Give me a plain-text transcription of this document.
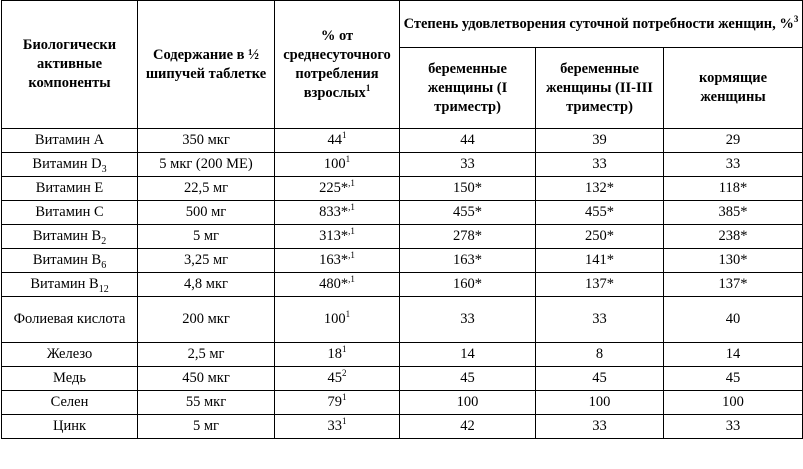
Биологически активные компоненты	Содержание в ½ шипучей таблетке	% от среднесуточного потребления взрослых$^1$	Степень удовлетворения суточной потребности женщин, %$^3$
			беременные женщины (I триместр)	беременные женщины (II-III триместр)	кормящие женщины
Витамин A	350 мкг	$44^1$	44	39	29
Витамин $D_3$	5 мкг (200 МЕ)	$100^1$	33	33	33
Витамин E	22,5 мг	225*$^{,1}$	150*	132*	118*
Витамин C	500 мг	833*$^{,1}$	455*	455*	385*
Витамин $B_2$	5 мг	313*$^{,1}$	278*	250*	238*
Витамин $B_6$	3,25 мг	163*$^{,1}$	163*	141*	130*
Витамин $B_{12}$	4,8 мкг	480*$^{,1}$	160*	137*	137*
Фолиевая кислота	200 мкг	$100^1$	33	33	40
Железо	2,5 мг	$18^1$	14	8	14
Медь	450 мкг	$45^2$	45	45	45
Селен	55 мкг	$79^1$	100	100	100
Цинк	5 мг	$33^1$	42	33	33
